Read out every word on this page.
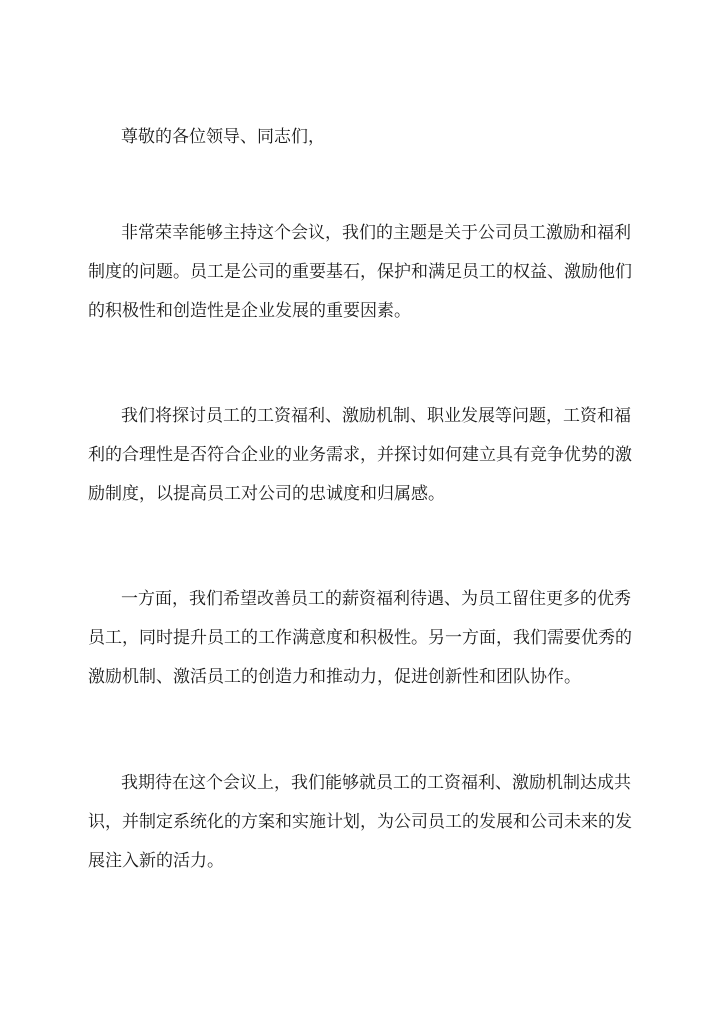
尊敬的各位领导、同志们，

非常荣幸能够主持这个会议，我们的主题是关于公司员工激励和福利
制度的问题。员工是公司的重要基石，保护和满足员工的权益、激励他们
的积极性和创造性是企业发展的重要因素。

我们将探讨员工的工资福利、激励机制、职业发展等问题，工资和福
利的合理性是否符合企业的业务需求，并探讨如何建立具有竞争优势的激
励制度，以提高员工对公司的忠诚度和归属感。

一方面，我们希望改善员工的薪资福利待遇、为员工留住更多的优秀
员工，同时提升员工的工作满意度和积极性。另一方面，我们需要优秀的
激励机制、激活员工的创造力和推动力，促进创新性和团队协作。

我期待在这个会议上，我们能够就员工的工资福利、激励机制达成共
识，并制定系统化的方案和实施计划，为公司员工的发展和公司未来的发
展注入新的活力。
